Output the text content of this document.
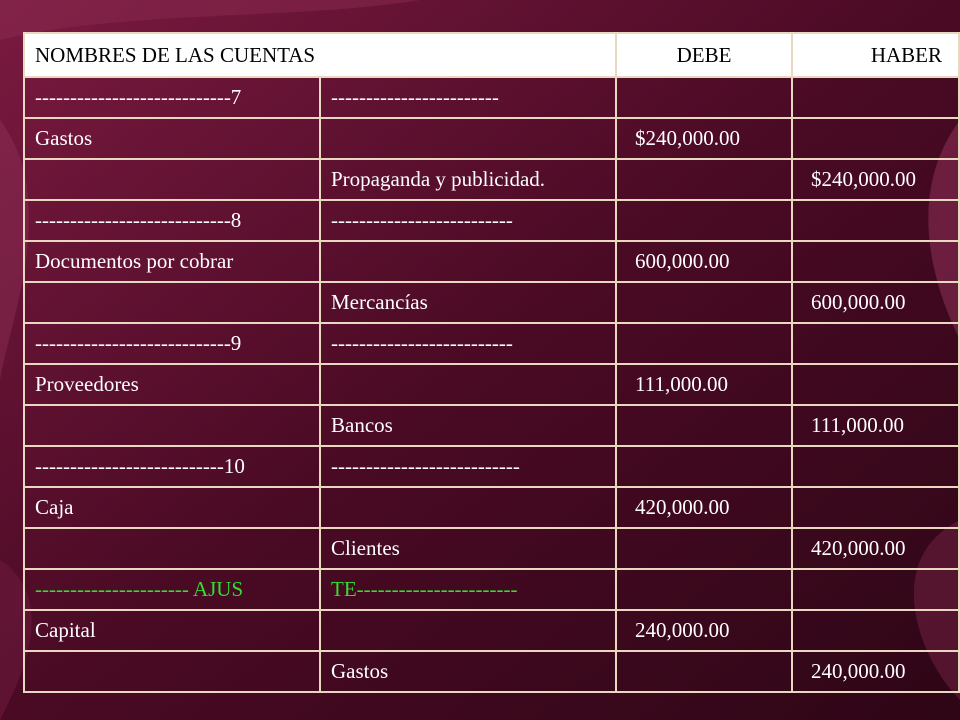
NOMBRES DE LAS CUENTAS		DEBE	HABER
----------------------------7	------------------------		
Gastos		$240,000.00	
	Propaganda y publicidad.		$240,000.00
----------------------------8	--------------------------		
Documentos por cobrar		600,000.00	
	Mercancías		600,000.00
----------------------------9	--------------------------		
Proveedores		111,000.00	
	Bancos		111,000.00
---------------------------10	---------------------------		
Caja		420,000.00	
	Clientes		420,000.00
---------------------- AJUS	TE-----------------------		
Capital		240,000.00	
	Gastos		240,000.00
